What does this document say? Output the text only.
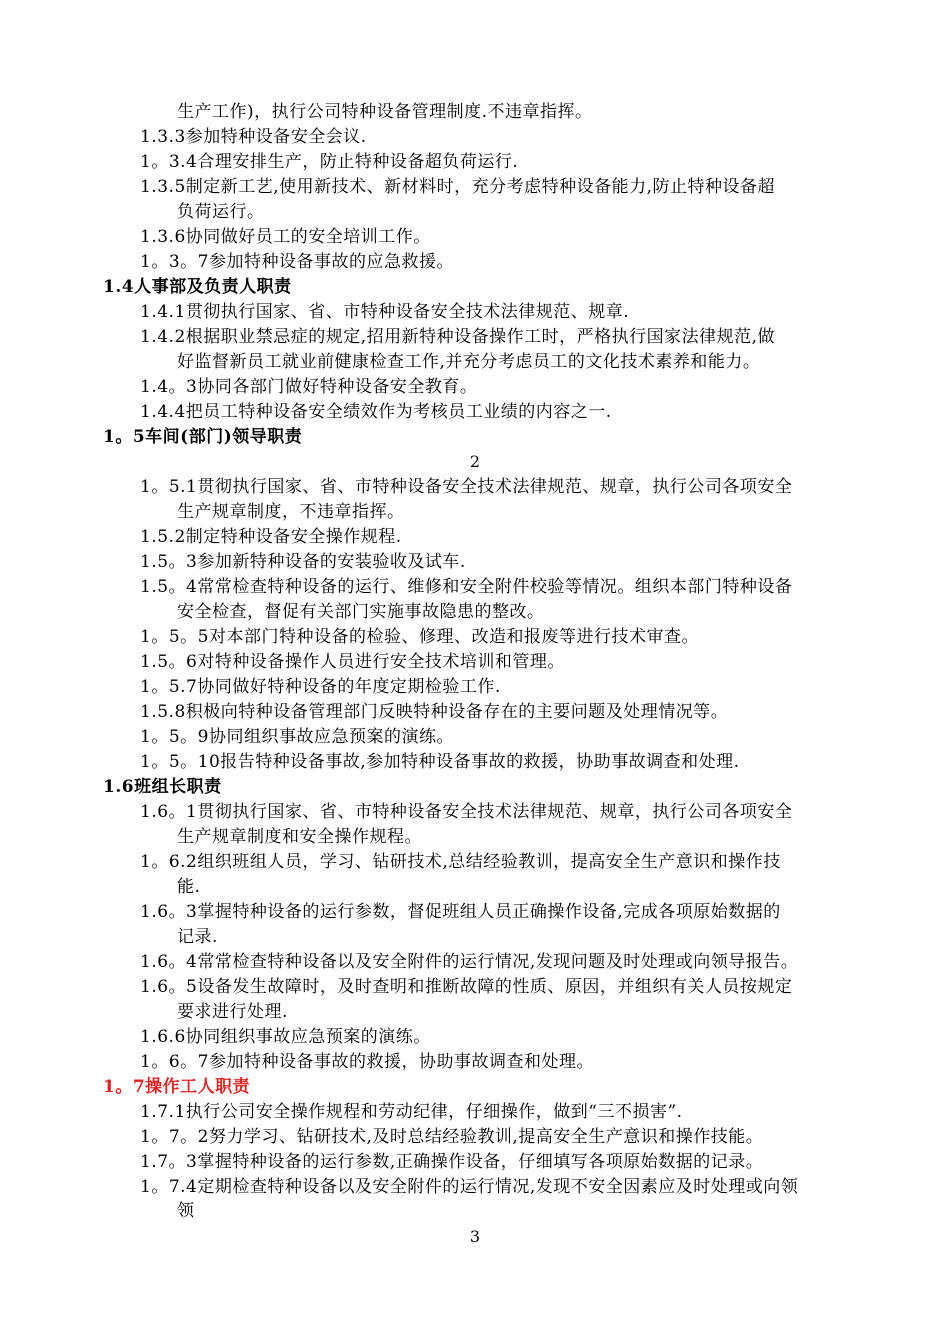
生产工作)，执行公司特种设备管理制度.不违章指挥。
1.3.3参加特种设备安全会议.
1。3.4合理安排生产，防止特种设备超负荷运行.
1.3.5制定新工艺,使用新技术、新材料时，充分考虑特种设备能力,防止特种设备超
负荷运行。
1.3.6协同做好员工的安全培训工作。
1。3。7参加特种设备事故的应急救援。
1.4人事部及负责人职责
1.4.1贯彻执行国家、省、市特种设备安全技术法律规范、规章.
1.4.2根据职业禁忌症的规定,招用新特种设备操作工时，严格执行国家法律规范,做
好监督新员工就业前健康检查工作,并充分考虑员工的文化技术素养和能力。
1.4。3协同各部门做好特种设备安全教育。
1.4.4把员工特种设备安全绩效作为考核员工业绩的内容之一.
1。5车间(部门)领导职责
2
1。5.1贯彻执行国家、省、市特种设备安全技术法律规范、规章，执行公司各项安全
生产规章制度，不违章指挥。
1.5.2制定特种设备安全操作规程.
1.5。3参加新特种设备的安装验收及试车.
1.5。4常常检查特种设备的运行、维修和安全附件校验等情况。组织本部门特种设备
安全检查，督促有关部门实施事故隐患的整改。
1。5。5对本部门特种设备的检验、修理、改造和报废等进行技术审查。
1.5。6对特种设备操作人员进行安全技术培训和管理。
1。5.7协同做好特种设备的年度定期检验工作.
1.5.8积极向特种设备管理部门反映特种设备存在的主要问题及处理情况等。
1。5。9协同组织事故应急预案的演练。
1。5。10报告特种设备事故,参加特种设备事故的救援，协助事故调查和处理.
1.6班组长职责
1.6。1贯彻执行国家、省、市特种设备安全技术法律规范、规章，执行公司各项安全
生产规章制度和安全操作规程。
1。6.2组织班组人员，学习、钻研技术,总结经验教训，提高安全生产意识和操作技
能.
1.6。3掌握特种设备的运行参数，督促班组人员正确操作设备,完成各项原始数据的
记录.
1.6。4常常检查特种设备以及安全附件的运行情况,发现问题及时处理或向领导报告。
1.6。5设备发生故障时，及时查明和推断故障的性质、原因，并组织有关人员按规定
要求进行处理.
1.6.6协同组织事故应急预案的演练。
1。6。7参加特种设备事故的救援，协助事故调查和处理。
1。7操作工人职责
1.7.1执行公司安全操作规程和劳动纪律，仔细操作，做到“三不损害”.
1。7。2努力学习、钻研技术,及时总结经验教训,提高安全生产意识和操作技能。
1.7。3掌握特种设备的运行参数,正确操作设备，仔细填写各项原始数据的记录。
1。7.4定期检查特种设备以及安全附件的运行情况,发现不安全因素应及时处理或向领
领
3
